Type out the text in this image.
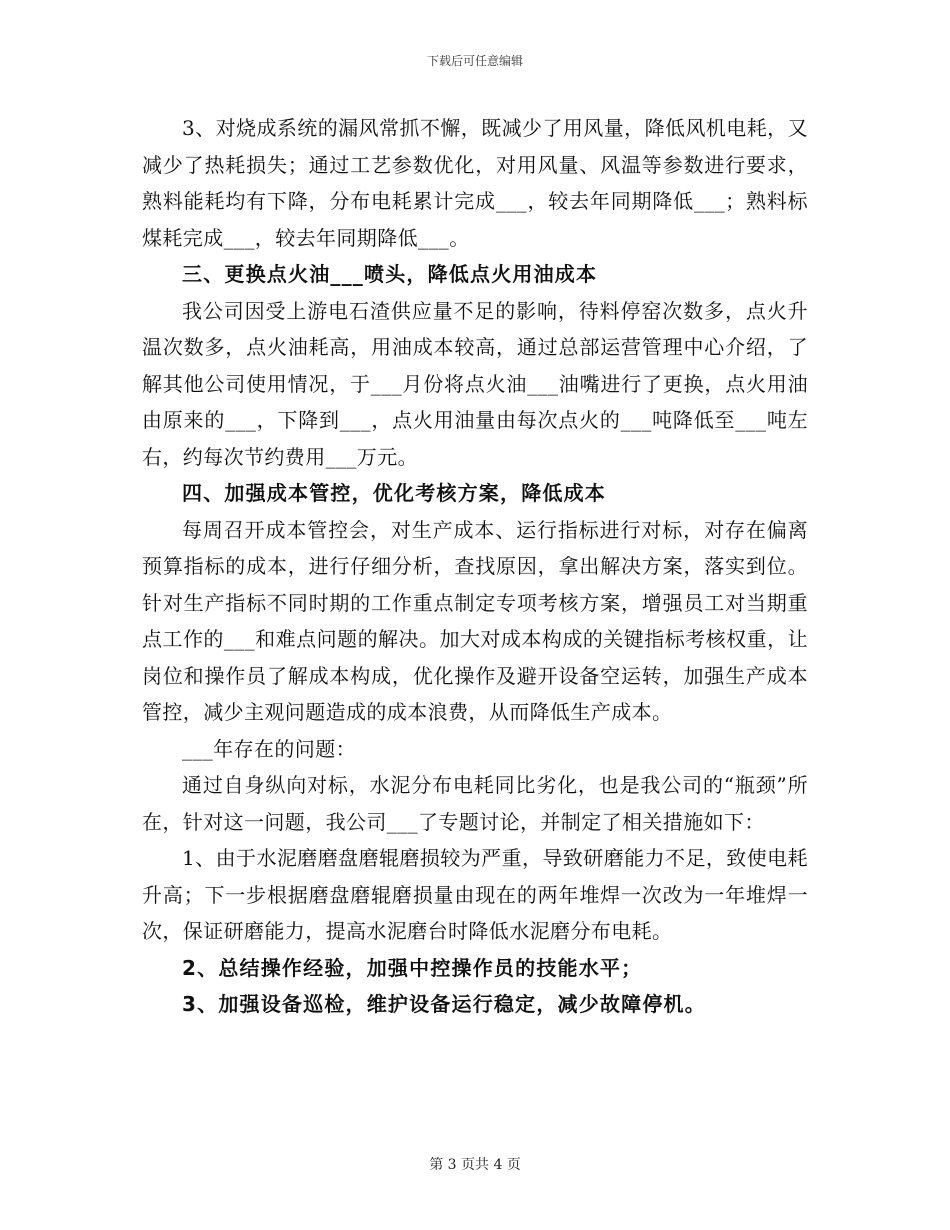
下载后可任意编辑

3、对烧成系统的漏风常抓不懈，既减少了用风量，降低风机电耗，又减少了热耗损失；通过工艺参数优化，对用风量、风温等参数进行要求，熟料能耗均有下降，分布电耗累计完成___，较去年同期降低___；熟料标煤耗完成___，较去年同期降低___。

三、更换点火油___喷头，降低点火用油成本

我公司因受上游电石渣供应量不足的影响，待料停窑次数多，点火升温次数多，点火油耗高，用油成本较高，通过总部运营管理中心介绍，了解其他公司使用情况，于___月份将点火油___油嘴进行了更换，点火用油由原来的___，下降到___，点火用油量由每次点火的___吨降低至___吨左右，约每次节约费用___万元。

四、加强成本管控，优化考核方案，降低成本

每周召开成本管控会，对生产成本、运行指标进行对标，对存在偏离预算指标的成本，进行仔细分析，查找原因，拿出解决方案，落实到位。针对生产指标不同时期的工作重点制定专项考核方案，增强员工对当期重点工作的___和难点问题的解决。加大对成本构成的关键指标考核权重，让岗位和操作员了解成本构成，优化操作及避开设备空运转，加强生产成本管控，减少主观问题造成的成本浪费，从而降低生产成本。

___年存在的问题：

通过自身纵向对标，水泥分布电耗同比劣化，也是我公司的“瓶颈”所在，针对这一问题，我公司___了专题讨论，并制定了相关措施如下：

1、由于水泥磨磨盘磨辊磨损较为严重，导致研磨能力不足，致使电耗升高；下一步根据磨盘磨辊磨损量由现在的两年堆焊一次改为一年堆焊一次，保证研磨能力，提高水泥磨台时降低水泥磨分布电耗。

2、总结操作经验，加强中控操作员的技能水平；

3、加强设备巡检，维护设备运行稳定，减少故障停机。

第 3 页共 4 页
